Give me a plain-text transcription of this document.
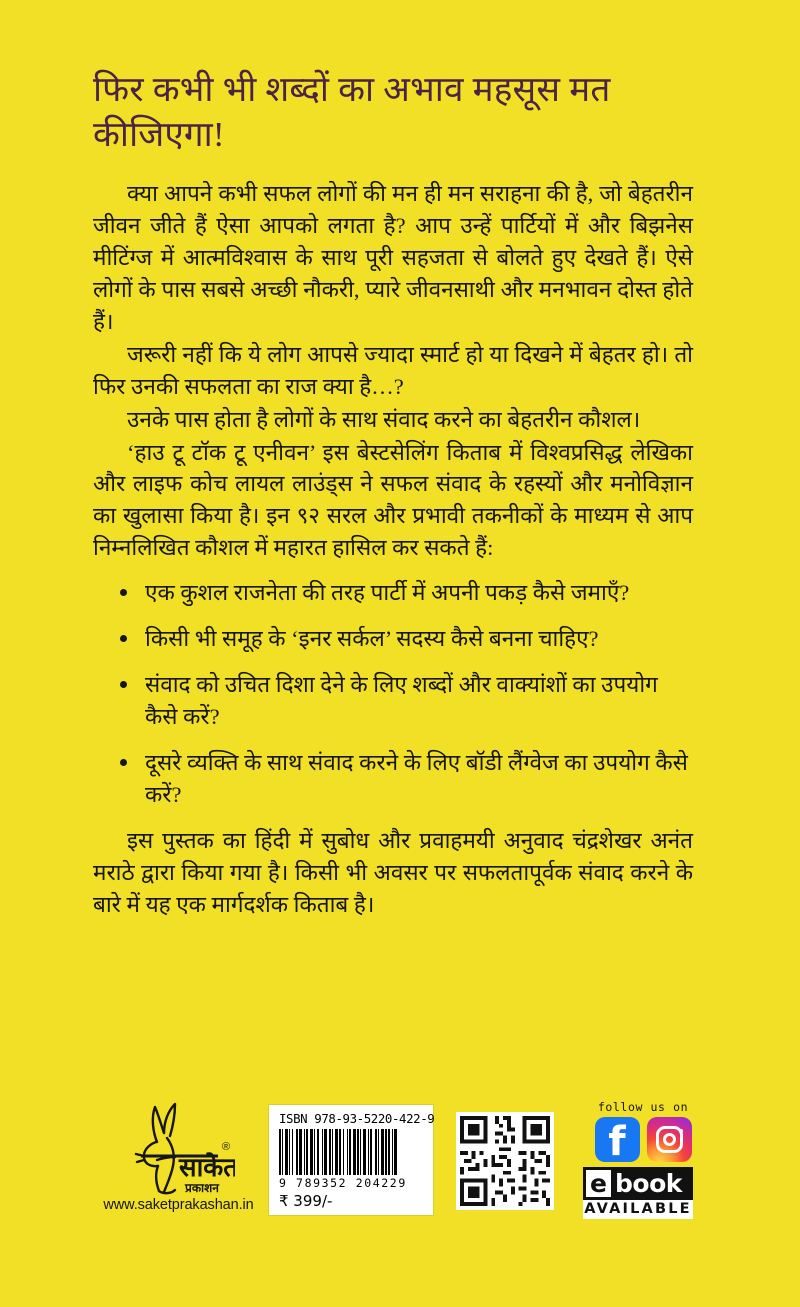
फिर कभी भी शब्दों का अभाव महसूस मत कीजिएगा!

क्या आपने कभी सफल लोगों की मन ही मन सराहना की है, जो बेहतरीन जीवन जीते हैं ऐसा आपको लगता है? आप उन्हें पार्टियों में और बिझनेस मीटिंग्ज में आत्मविश्वास के साथ पूरी सहजता से बोलते हुए देखते हैं। ऐसे लोगों के पास सबसे अच्छी नौकरी, प्यारे जीवनसाथी और मनभावन दोस्त होते हैं।

जरूरी नहीं कि ये लोग आपसे ज्यादा स्मार्ट हो या दिखने में बेहतर हो। तो फिर उनकी सफलता का राज क्या है…?

उनके पास होता है लोगों के साथ संवाद करने का बेहतरीन कौशल।

‘हाउ टू टॉक टू एनीवन’ इस बेस्टसेलिंग किताब में विश्वप्रसिद्ध लेखिका और लाइफ कोच लायल लाउंड्स ने सफल संवाद के रहस्यों और मनोविज्ञान का खुलासा किया है। इन ९२ सरल और प्रभावी तकनीकों के माध्यम से आप निम्नलिखित कौशल में महारत हासिल कर सकते हैं:

एक कुशल राजनेता की तरह पार्टी में अपनी पकड़ कैसे जमाएँ?
किसी भी समूह के ‘इनर सर्कल’ सदस्य कैसे बनना चाहिए?
संवाद को उचित दिशा देने के लिए शब्दों और वाक्यांशों का उपयोग कैसे करें?
दूसरे व्यक्ति के साथ संवाद करने के लिए बॉडी लैंग्वेज का उपयोग कैसे करें?

इस पुस्तक का हिंदी में सुबोध और प्रवाहमयी अनुवाद चंद्रशेखर अनंत मराठे द्वारा किया गया है। किसी भी अवसर पर सफलतापूर्वक संवाद करने के बारे में यह एक मार्गदर्शक किताब है।

साकेत
प्रकाशन
®
www.saketprakashan.in
ISBN 978-93-5220-422-9
9 789352 204229
₹ 399/-
follow us on
f
e book
AVAILABLE
